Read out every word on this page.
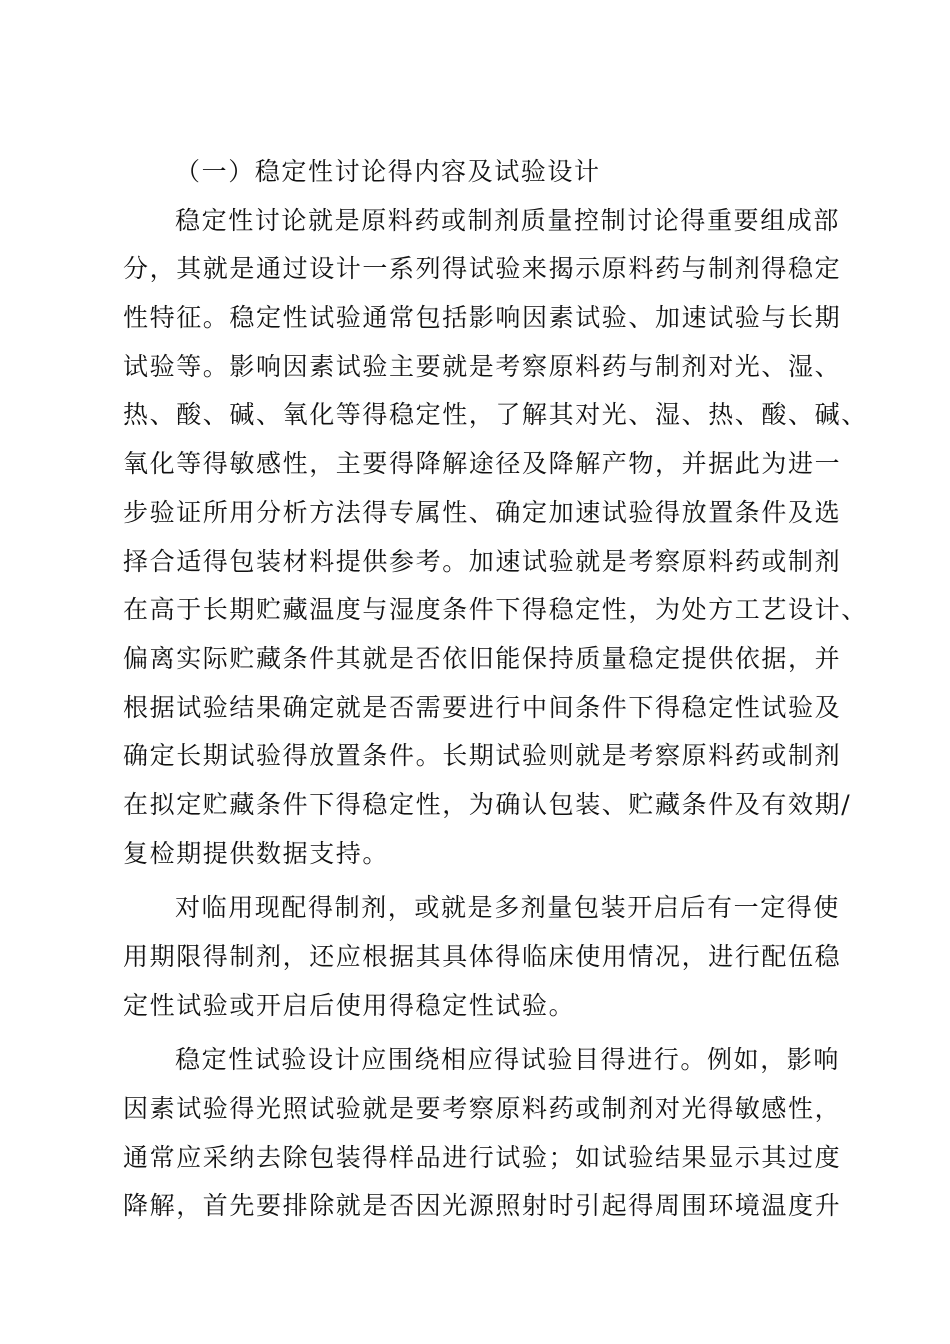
（一）稳定性讨论得内容及试验设计
稳定性讨论就是原料药或制剂质量控制讨论得重要组成部
分，其就是通过设计一系列得试验来揭示原料药与制剂得稳定
性特征。稳定性试验通常包括影响因素试验、加速试验与长期
试验等。影响因素试验主要就是考察原料药与制剂对光、湿、
热、酸、碱、氧化等得稳定性，了解其对光、湿、热、酸、碱、
氧化等得敏感性，主要得降解途径及降解产物，并据此为进一
步验证所用分析方法得专属性、确定加速试验得放置条件及选
择合适得包装材料提供参考。加速试验就是考察原料药或制剂
在高于长期贮藏温度与湿度条件下得稳定性，为处方工艺设计、
偏离实际贮藏条件其就是否依旧能保持质量稳定提供依据，并
根据试验结果确定就是否需要进行中间条件下得稳定性试验及
确定长期试验得放置条件。长期试验则就是考察原料药或制剂
在拟定贮藏条件下得稳定性，为确认包装、贮藏条件及有效期/
复检期提供数据支持。
对临用现配得制剂，或就是多剂量包装开启后有一定得使
用期限得制剂，还应根据其具体得临床使用情况，进行配伍稳
定性试验或开启后使用得稳定性试验。
稳定性试验设计应围绕相应得试验目得进行。例如，影响
因素试验得光照试验就是要考察原料药或制剂对光得敏感性，
通常应采纳去除包装得样品进行试验；如试验结果显示其过度
降解，首先要排除就是否因光源照射时引起得周围环境温度升
